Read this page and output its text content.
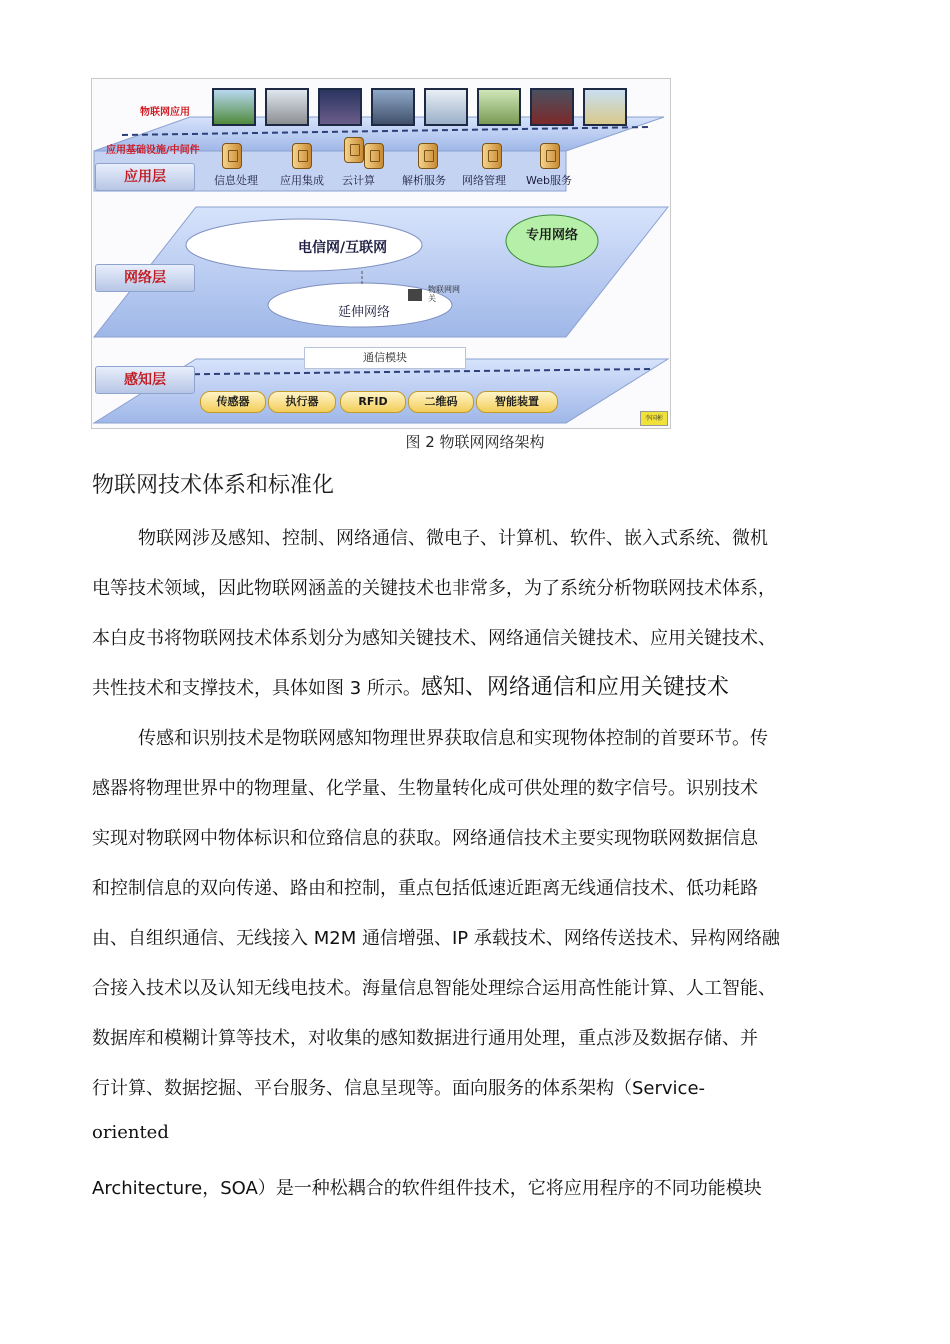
物联网应用
应用基础设施/中间件
应用层
网络层
感知层
信息处理 应用集成 云计算 解析服务 网络管理 Web服务
电信网/互联网
专用网络
延伸网络
物联网网关
通信模块
传感器	执行器	RFID	二维码	智能装置
李国彬
图 2 物联网网络架构
物联网技术体系和标准化
物联网涉及感知、控制、网络通信、微电子、计算机、软件、嵌入式系统、微机
电等技术领域，因此物联网涵盖的关键技术也非常多，为了系统分析物联网技术体系，
本白皮书将物联网技术体系划分为感知关键技术、网络通信关键技术、应用关键技术、
共性技术和支撑技术，具体如图 3 所示。感知、网络通信和应用关键技术
传感和识别技术是物联网感知物理世界获取信息和实现物体控制的首要环节。传
感器将物理世界中的物理量、化学量、生物量转化成可供处理的数字信号。识别技术
实现对物联网中物体标识和位臵信息的获取。网络通信技术主要实现物联网数据信息
和控制信息的双向传递、路由和控制，重点包括低速近距离无线通信技术、低功耗路
由、自组织通信、无线接入 M2M 通信增强、IP 承载技术、网络传送技术、异构网络融
合接入技术以及认知无线电技术。海量信息智能处理综合运用高性能计算、人工智能、
数据库和模糊计算等技术，对收集的感知数据进行通用处理，重点涉及数据存储、并
行计算、数据挖掘、平台服务、信息呈现等。面向服务的体系架构（Service-
oriented
Architecture，SOA）是一种松耦合的软件组件技术，它将应用程序的不同功能模块
